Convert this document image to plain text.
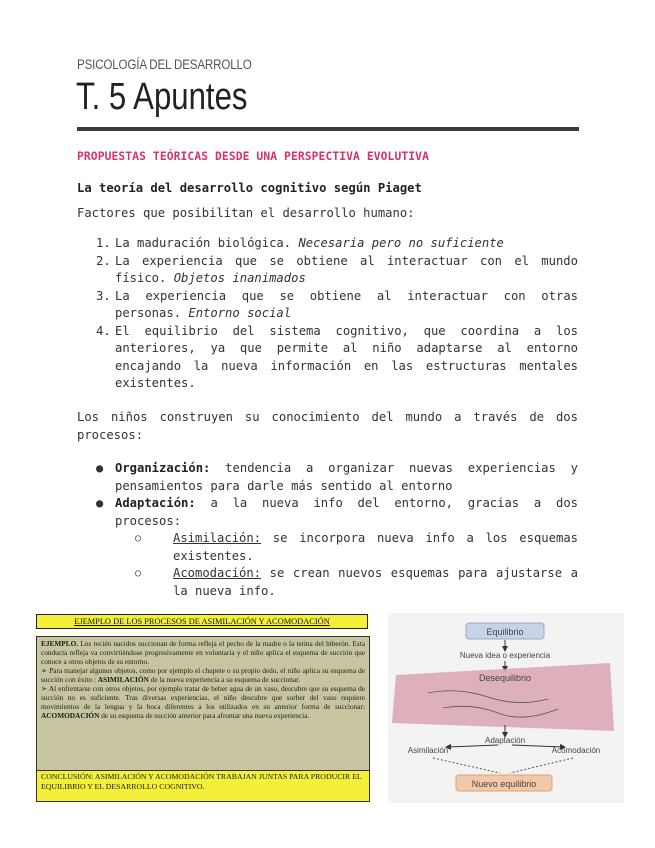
PSICOLOGÍA DEL DESARROLLO
T. 5 Apuntes
PROPUESTAS TEÓRICAS DESDE UNA PERSPECTIVA EVOLUTIVA
La teoría del desarrollo cognitivo según Piaget
Factores que posibilitan el desarrollo humano:
1. La maduración biológica. Necesaria pero no suficiente
2. La experiencia que se obtiene al interactuar con el mundo físico. Objetos inanimados
3. La experiencia que se obtiene al interactuar con otras personas. Entorno social
4. El equilibrio del sistema cognitivo, que coordina a los anteriores, ya que permite al niño adaptarse al entorno encajando la nueva información en las estructuras mentales existentes.
Los niños construyen su conocimiento del mundo a través de dos procesos:
● Organización: tendencia a organizar nuevas experiencias y pensamientos para darle más sentido al entorno
● Adaptación: a la nueva info del entorno, gracias a dos procesos:
○	Asimilación: se incorpora nueva info a los esquemas existentes.
○	Acomodación: se crean nuevos esquemas para ajustarse a la nueva info.
EJEMPLO DE LOS PROCESOS DE ASIMILACIÓN Y ACOMODACIÓN
EJEMPLO. Los recién nacidos succionan de forma refleja el pecho de la madre o la tetina del biberón. Esta conducta refleja va convirtiéndose progresivamente en voluntaria y el niño aplica el esquema de succión que conoce a otros objetos de su entorno.
➢ Para manejar algunos objetos, como por ejemplo el chupete o su propio dedo, el niño aplica su esquema de succión con éxito : ASIMILACIÓN de la nueva experiencia a su esquema de succionar.
➢ Al enfrentarse con otros objetos, por ejemplo tratar de beber agua de un vaso, descubre que su esquema de succión no es suficiente. Tras diversas experiencias, el niño descubre que sorber del vaso requiere movimientos de la lengua y la boca diferentes a los utilizados en su anterior forma de succionar: ACOMODACIÓN de su esquema de succión anterior para afrontar una nueva experiencia.
CONCLUSIÓN: ASIMILACIÓN Y ACOMODACIÓN TRABAJAN JUNTAS PARA PRODUCIR EL EQUILIBRIO Y EL DESARROLLO COGNITIVO.
Equilibrio
Nueva idea o experiencia
Desequilibrio
Adaptación
Asimilación	Acomodación
Nuevo equilibrio
